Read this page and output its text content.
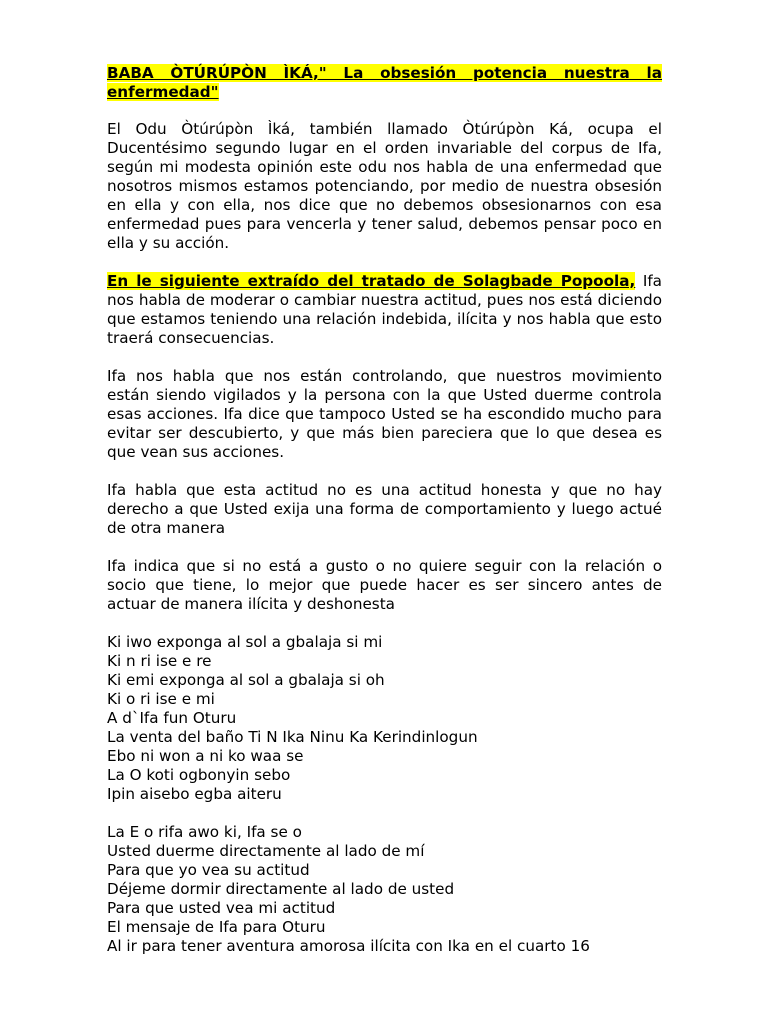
BABA ÒTÚRÚPÒN ÌKÁ," La obsesión potencia nuestra la enfermedad"

El Odu Òtúrúpòn Ìká, también llamado Òtúrúpòn Ká, ocupa el Ducentésimo segundo lugar en el orden invariable del corpus de Ifa, según mi modesta opinión este odu nos habla de una enfermedad que nosotros mismos estamos potenciando, por medio de nuestra obsesión en ella y con ella, nos dice que no debemos obsesionarnos con esa enfermedad pues para vencerla y tener salud, debemos pensar poco en ella y su acción.

En le siguiente extraído del tratado de Solagbade Popoola, Ifa nos habla de moderar o cambiar nuestra actitud, pues nos está diciendo que estamos teniendo una relación indebida, ilícita y nos habla que esto traerá consecuencias.

Ifa nos habla que nos están controlando, que nuestros movimiento están siendo vigilados y la persona con la que Usted duerme controla esas acciones. Ifa dice que tampoco Usted se ha escondido mucho para evitar ser descubierto, y que más bien pareciera que lo que desea es que vean sus acciones.

Ifa habla que esta actitud no es una actitud honesta y que no hay derecho a que Usted exija una forma de comportamiento y luego actué de otra manera

Ifa indica que si no está a gusto o no quiere seguir con la relación o socio que tiene, lo mejor que puede hacer es ser sincero antes de actuar de manera ilícita y deshonesta

Ki iwo exponga al sol a gbalaja si mi
Ki n ri ise e re
Ki emi exponga al sol a gbalaja si oh
Ki o ri ise e mi
A d`Ifa fun Oturu
La venta del baño Ti N Ika Ninu Ka Kerindinlogun
Ebo ni won a ni ko waa se
La O koti ogbonyin sebo
Ipin aisebo egba aiteru
La E o rifa awo ki, Ifa se o
Usted duerme directamente al lado de mí
Para que yo vea su actitud
Déjeme dormir directamente al lado de usted
Para que usted vea mi actitud
El mensaje de Ifa para Oturu
Al ir para tener aventura amorosa ilícita con Ika en el cuarto 16
